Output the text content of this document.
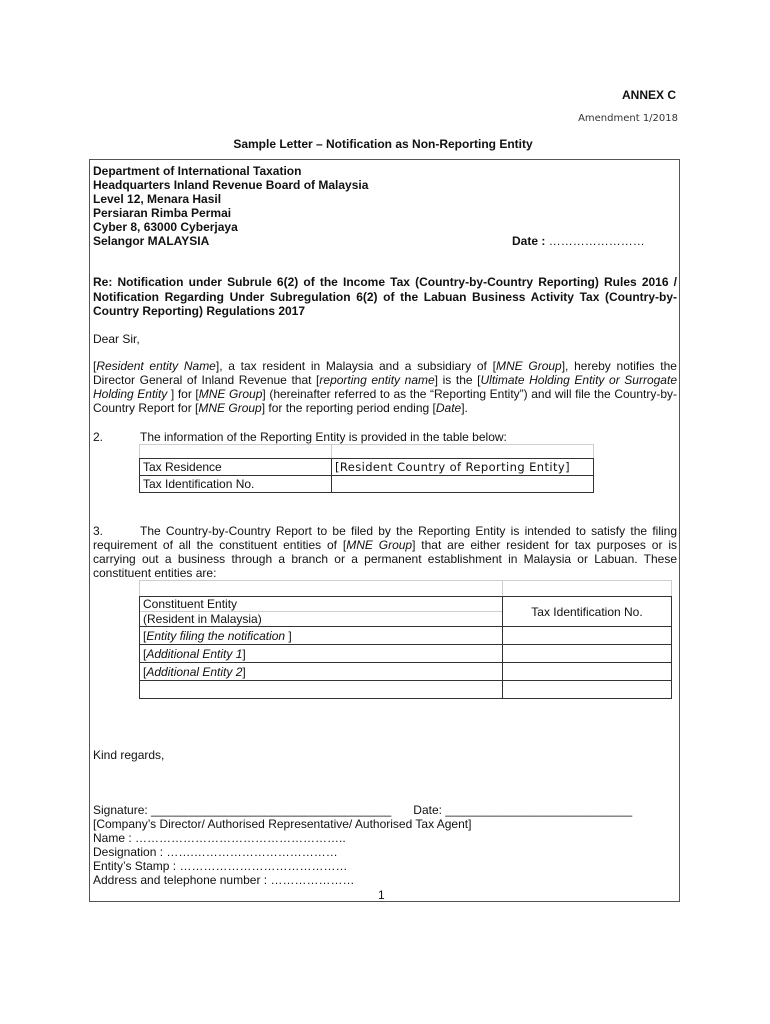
ANNEX C
Amendment 1/2018
Sample Letter – Notification as Non-Reporting Entity
Department of International Taxation
Headquarters Inland Revenue Board of Malaysia
Level 12, Menara Hasil
Persiaran Rimba Permai
Cyber 8, 63000 Cyberjaya
Selangor MALAYSIA	Date : ……………………
Re: Notification under Subrule 6(2) of the Income Tax (Country-by-Country Reporting) Rules 2016 / Notification Regarding Under Subregulation 6(2) of the Labuan Business Activity Tax (Country-by-Country Reporting) Regulations 2017
Dear Sir,
[Resident entity Name], a tax resident in Malaysia and a subsidiary of [MNE Group], hereby notifies the Director General of Inland Revenue that [reporting entity name] is the [Ultimate Holding Entity or Surrogate Holding Entity ] for [MNE Group] (hereinafter referred to as the “Reporting Entity”) and will file the Country-by-Country Report for [MNE Group] for the reporting period ending [Date].
2.	The information of the Reporting Entity is provided in the table below:

Tax Residence	[Resident Country of Reporting Entity]
Tax Identification No.	
3.	The Country-by-Country Report to be filed by the Reporting Entity is intended to satisfy the filing requirement of all the constituent entities of [MNE Group] that are either resident for tax purposes or is carrying out a business through a branch or a permanent establishment in Malaysia or Labuan. These constituent entities are:

Constituent Entity
(Resident in Malaysia)	Tax Identification No.
[Entity filing the notification ]	
[Additional Entity 1]	
[Additional Entity 2]	

Kind regards,
Signature: ____________________________________ Date: ____________________________
[Company’s Director/ Authorised Representative/ Authorised Tax Agent]
Name : ……………………………………………..
Designation : …….………………………………
Entity’s Stamp : ……………………………………
Address and telephone number : …………………
1
